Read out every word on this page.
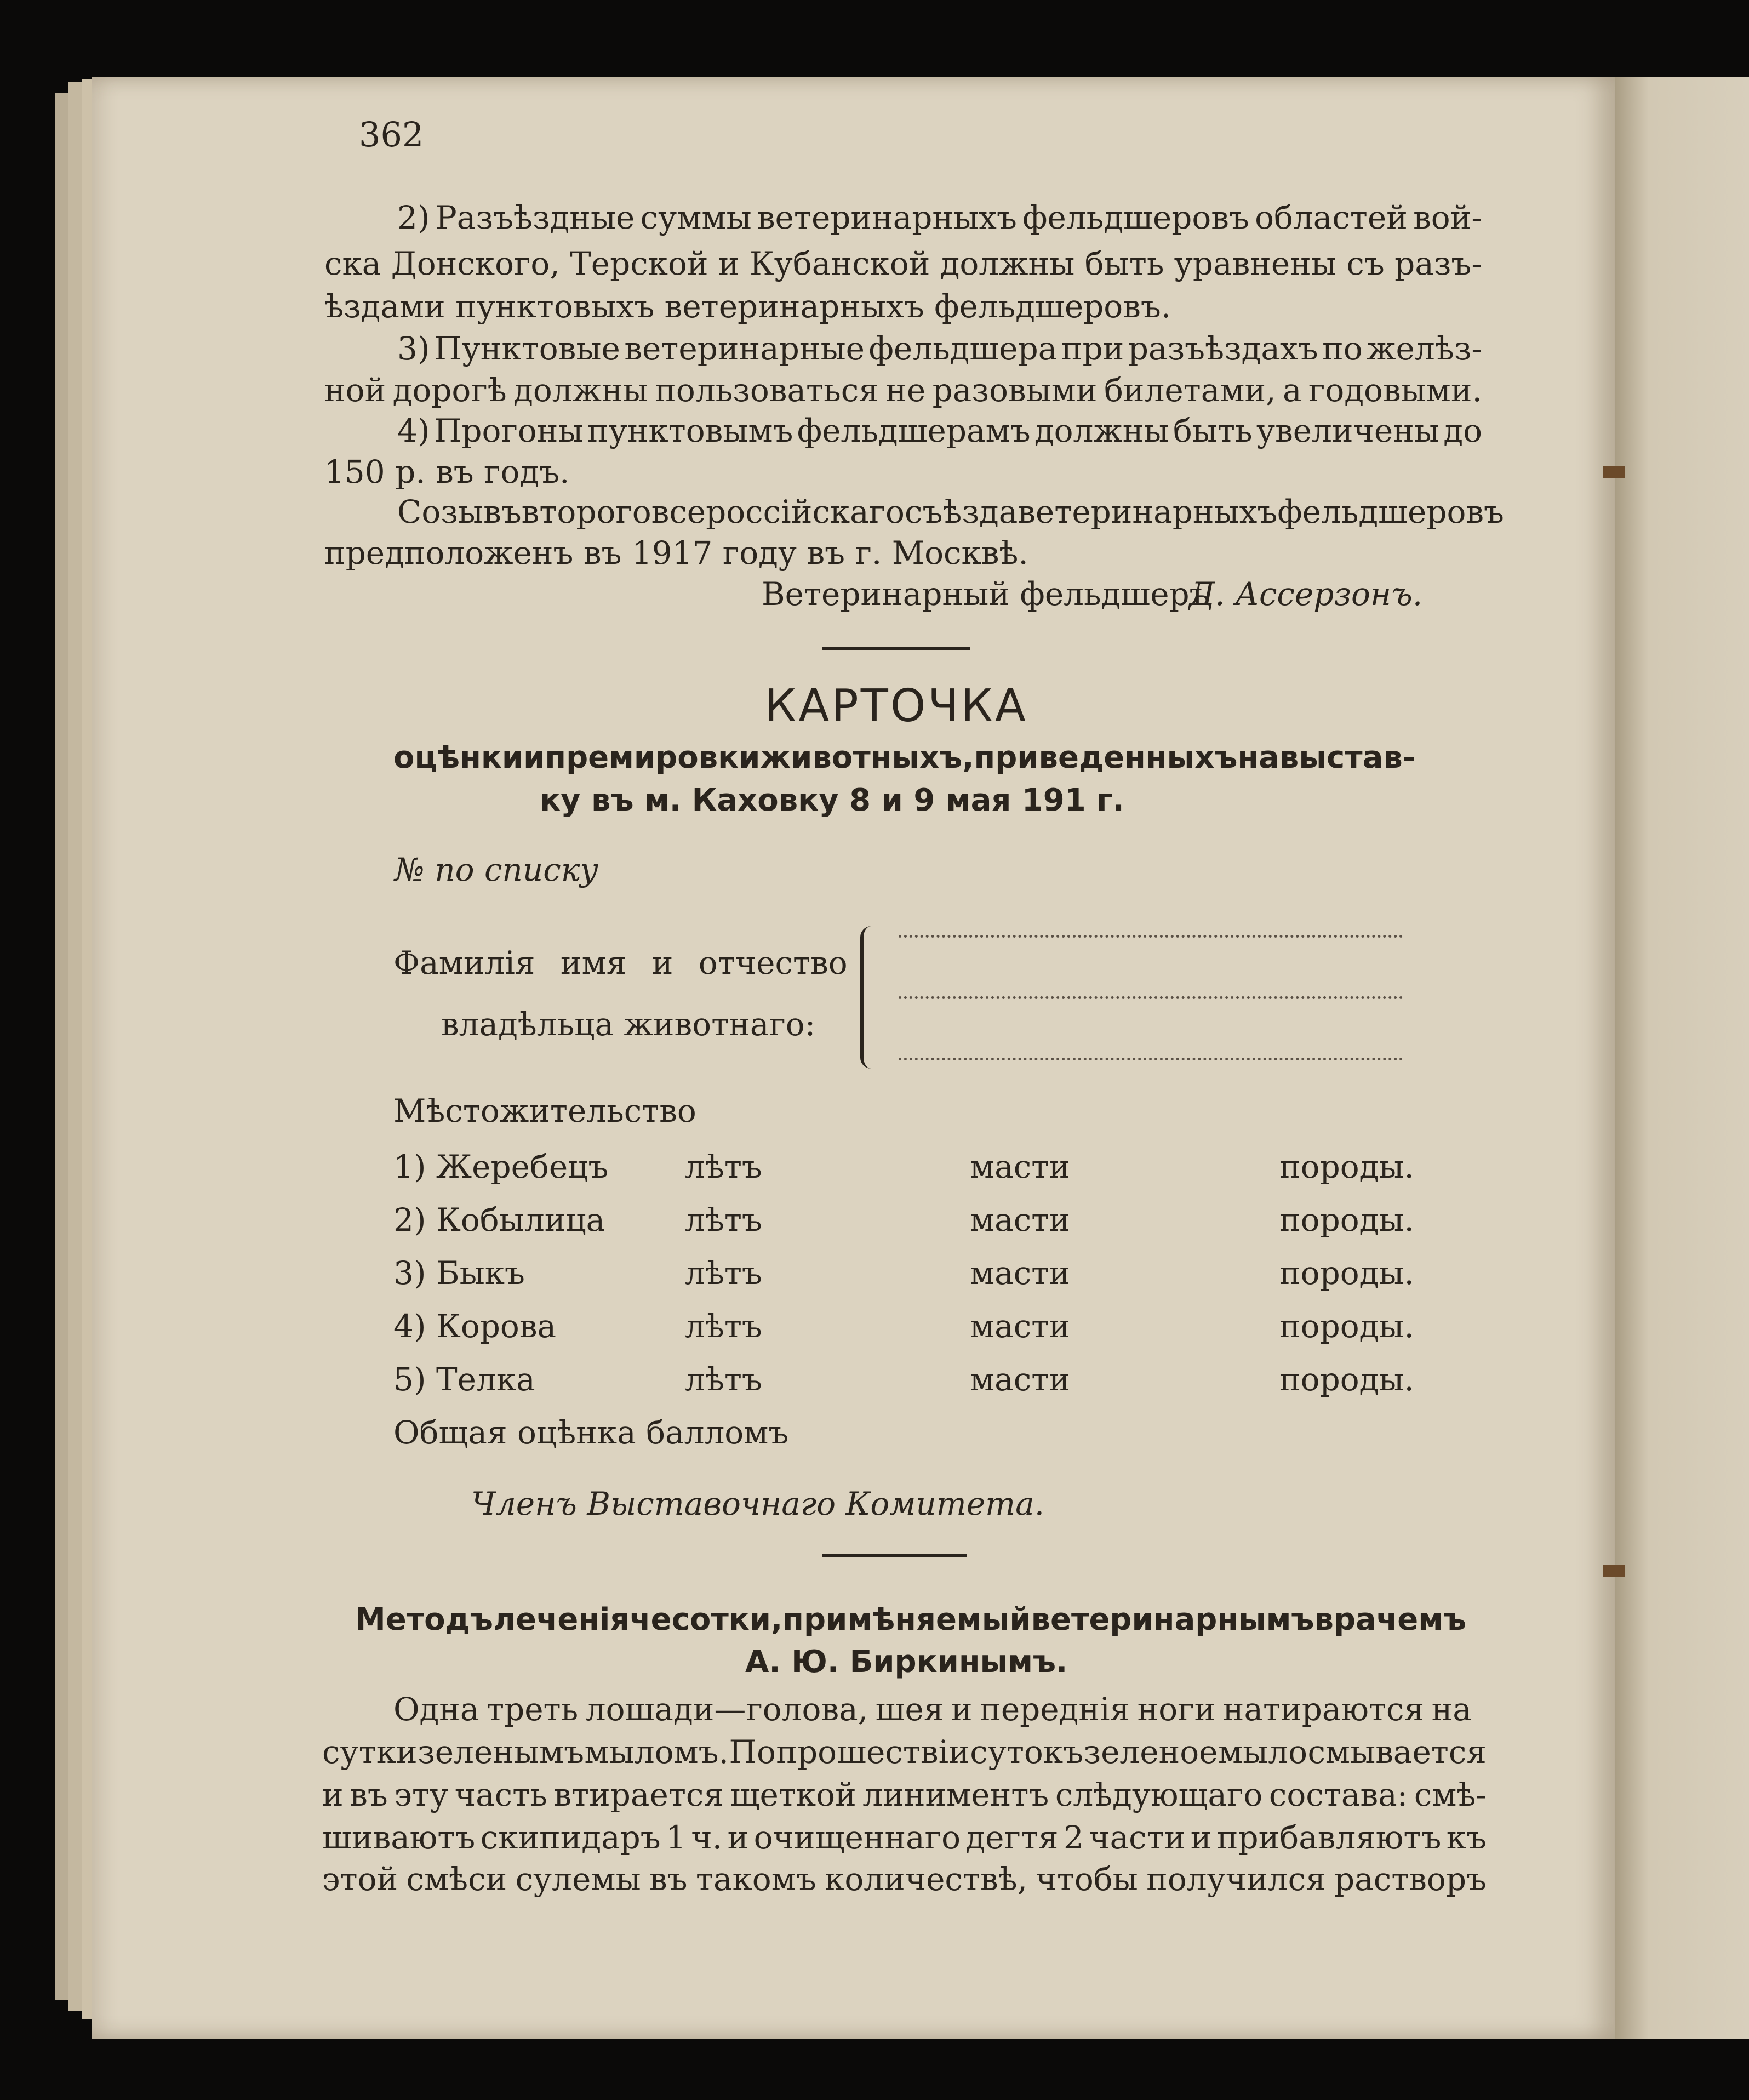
362
2) Разъѣздные суммы ветеринарныхъ фельдшеровъ областей вой-
ска Донского, Терской и Кубанской должны быть уравнены съ разъ-
ѣздами пунктовыхъ ветеринарныхъ фельдшеровъ.
3) Пунктовые ветеринарные фельдшера при разъѣздахъ по желѣз-
ной дорогѣ должны пользоваться не разовыми билетами, а годовыми.
4) Прогоны пунктовымъ фельдшерамъ должны быть увеличены до
150 р. въ годъ.
Созывъ второго всероссійскаго съѣзда ветеринарныхъ фельдшеровъ
предположенъ въ 1917 году въ г. Москвѣ.
Ветеринарный фельдшеръ
Д. Ассерзонъ.
КАРТОЧКА
оцѣнки и премировки животныхъ, приведенныхъ на выстав-
ку въ м. Каховку 8 и 9 мая 191 г.
№ по списку
Фамилія имя и отчество
владѣльца животнаго:
Мѣстожительство
1) Жеребецъ лѣтъ	масти	породы.
2) Кобылица	лѣтъ	масти	породы.
3) Быкъ	лѣтъ	масти	породы.
4) Корова	лѣтъ	масти	породы.
5) Телка	лѣтъ	масти	породы.
Общая оцѣнка балломъ
Членъ Выставочнаго Комитета.
Методъ леченія чесотки, примѣняемый ветеринарнымъ врачемъ
А. Ю. Биркинымъ.
Одна треть лошади—голова, шея и переднія ноги натираются на
сутки зеленымъ мыломъ. По прошествіи сутокъ зеленое мыло смывается
и въ эту часть втирается щеткой линиментъ слѣдующаго состава: смѣ-
шиваютъ скипидаръ 1 ч. и очищеннаго дегтя 2 части и прибавляютъ къ
этой смѣси сулемы въ такомъ количествѣ, чтобы получился растворъ
